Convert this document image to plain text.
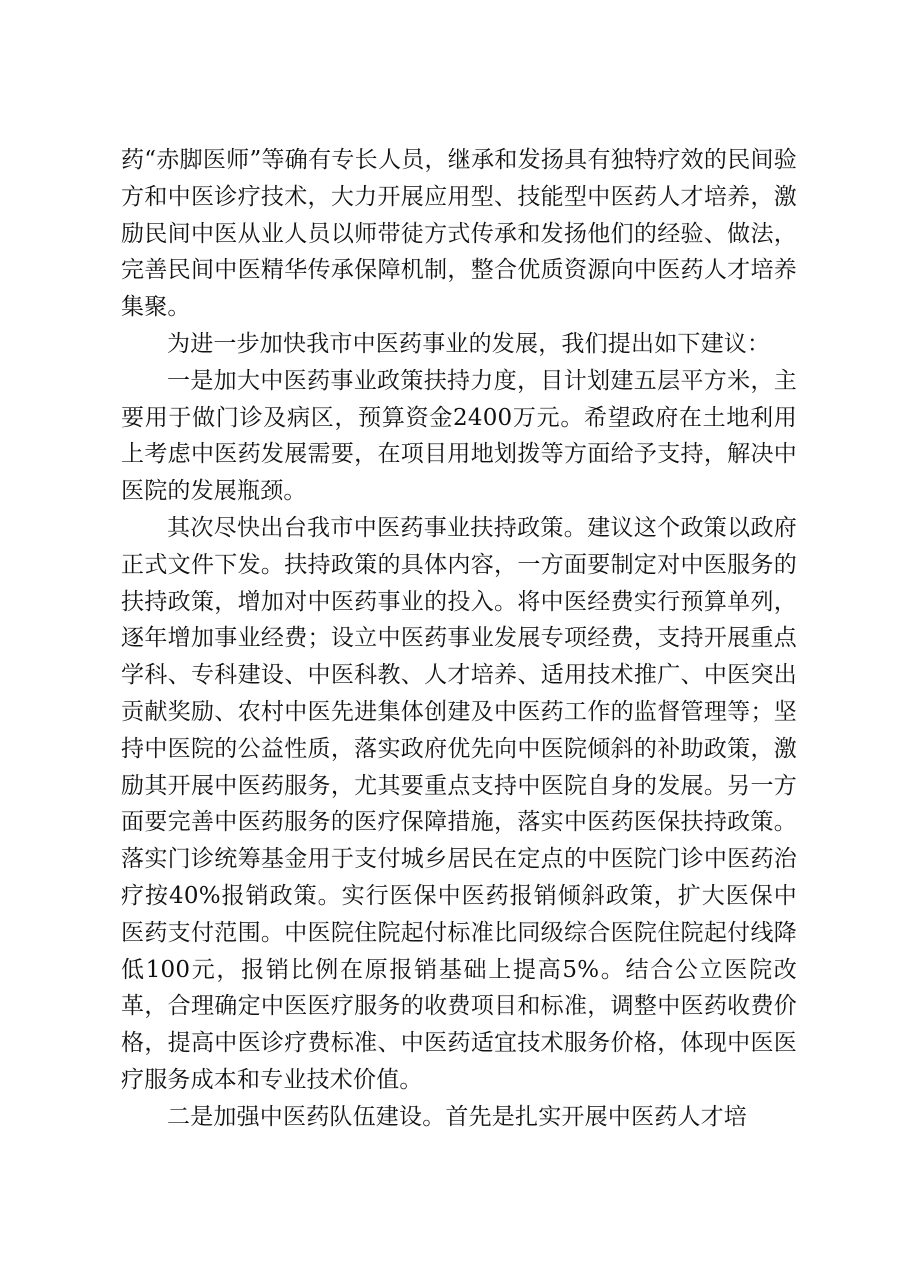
药“赤脚医师”等确有专长人员，继承和发扬具有独特疗效的民间验方和中医诊疗技术，大力开展应用型、技能型中医药人才培养，激励民间中医从业人员以师带徒方式传承和发扬他们的经验、做法，完善民间中医精华传承保障机制，整合优质资源向中医药人才培养集聚。

为进一步加快我市中医药事业的发展，我们提出如下建议：

一是加大中医药事业政策扶持力度，目计划建五层平方米，主要用于做门诊及病区，预算资金2400万元。希望政府在土地利用上考虑中医药发展需要，在项目用地划拨等方面给予支持，解决中医院的发展瓶颈。

其次尽快出台我市中医药事业扶持政策。建议这个政策以政府正式文件下发。扶持政策的具体内容，一方面要制定对中医服务的扶持政策，增加对中医药事业的投入。将中医经费实行预算单列，逐年增加事业经费；设立中医药事业发展专项经费，支持开展重点学科、专科建设、中医科教、人才培养、适用技术推广、中医突出贡献奖励、农村中医先进集体创建及中医药工作的监督管理等；坚持中医院的公益性质，落实政府优先向中医院倾斜的补助政策，激励其开展中医药服务，尤其要重点支持中医院自身的发展。另一方面要完善中医药服务的医疗保障措施，落实中医药医保扶持政策。落实门诊统筹基金用于支付城乡居民在定点的中医院门诊中医药治疗按40%报销政策。实行医保中医药报销倾斜政策，扩大医保中医药支付范围。中医院住院起付标准比同级综合医院住院起付线降低100元，报销比例在原报销基础上提高5%。结合公立医院改革，合理确定中医医疗服务的收费项目和标准，调整中医药收费价格，提高中医诊疗费标准、中医药适宜技术服务价格，体现中医医疗服务成本和专业技术价值。

二是加强中医药队伍建设。首先是扎实开展中医药人才培
